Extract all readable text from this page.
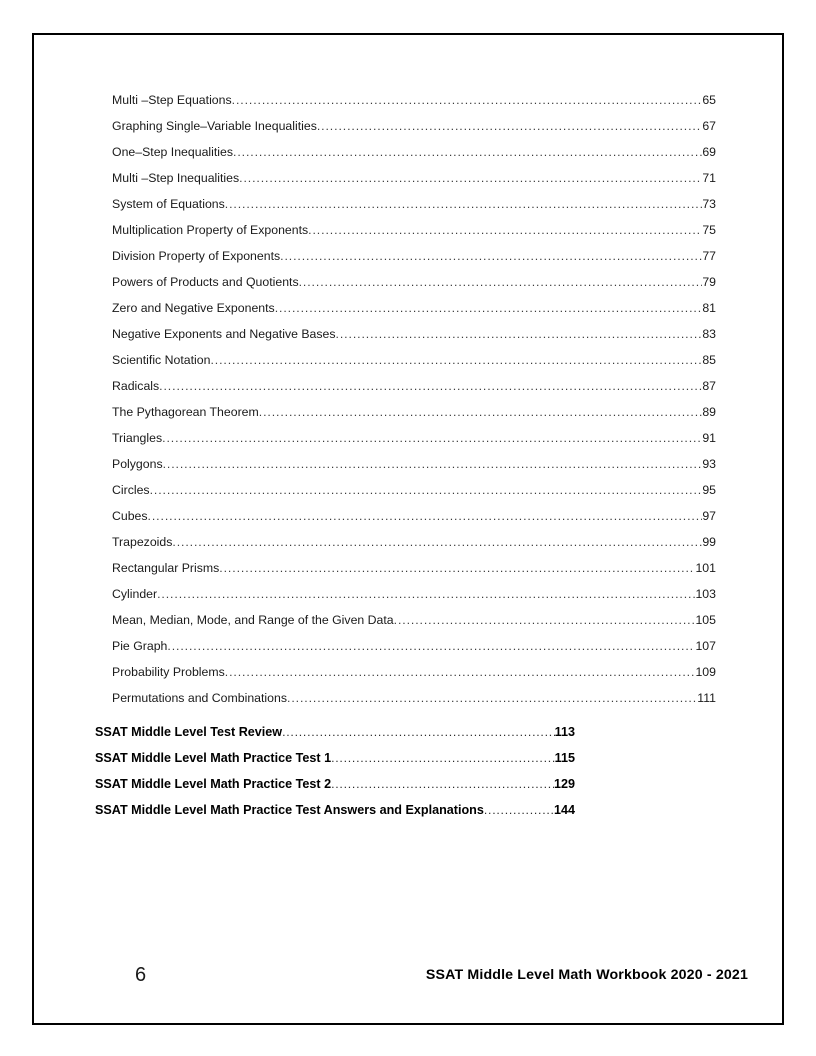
Multi –Step Equations .....	65
Graphing Single–Variable Inequalities .....	67
One–Step Inequalities .....	69
Multi –Step Inequalities .....	71
System of Equations .....	73
Multiplication Property of Exponents .....	75
Division Property of Exponents .....	77
Powers of Products and Quotients .....	79
Zero and Negative Exponents .....	81
Negative Exponents and Negative Bases .....	83
Scientific Notation .....	85
Radicals .....	87
The Pythagorean Theorem .....	89
Triangles .....	91
Polygons .....	93
Circles .....	95
Cubes .....	97
Trapezoids .....	99
Rectangular Prisms .....	101
Cylinder .....	103
Mean, Median, Mode, and Range of the Given Data .....	105
Pie Graph .....	107
Probability Problems .....	109
Permutations and Combinations .....	111
SSAT Middle Level Test Review .....	113
SSAT Middle Level Math Practice Test 1 .....	115
SSAT Middle Level Math Practice Test 2 .....	129
SSAT Middle Level Math Practice Test Answers and Explanations .....	144
6	SSAT Middle Level Math Workbook 2020 - 2021
